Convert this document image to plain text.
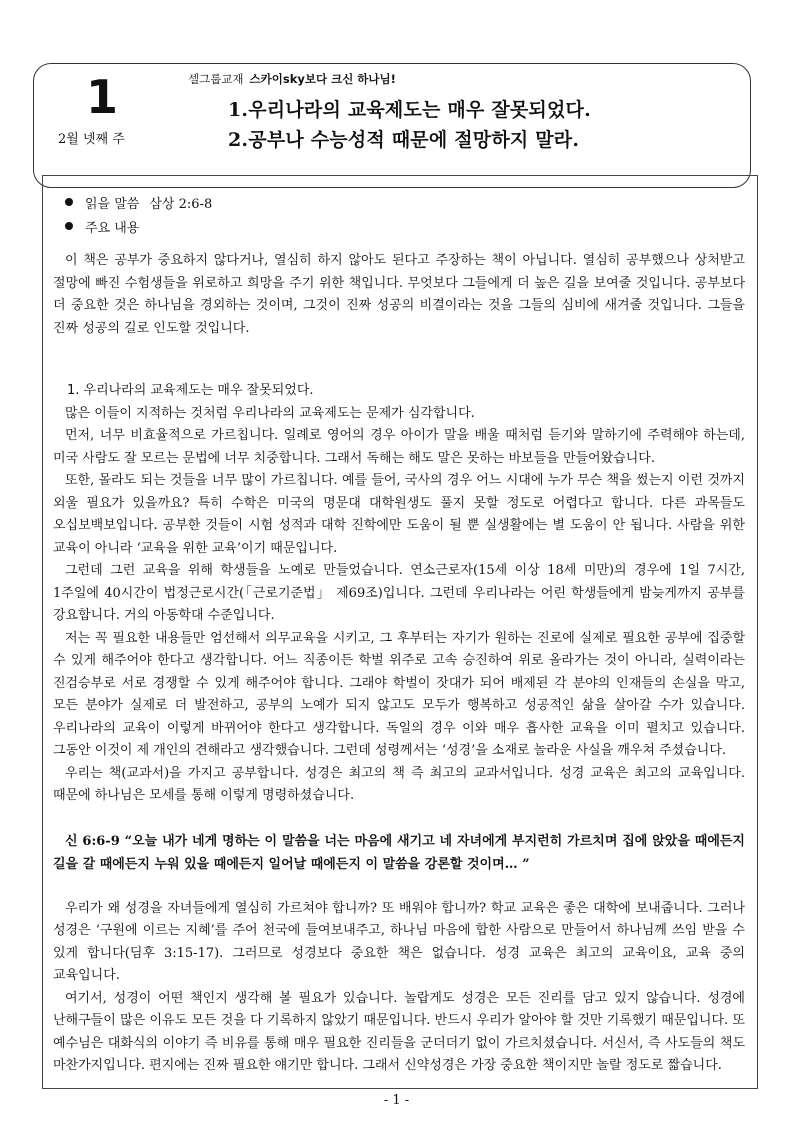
1
2월 넷째 주
셀그룹교재 스카이sky보다 크신 하나님!
1.우리나라의 교육제도는 매우 잘못되었다.
2.공부나 수능성적 때문에 절망하지 말라.
읽을 말씀 삼상 2:6-8
주요 내용

이 책은 공부가 중요하지 않다거나, 열심히 하지 않아도 된다고 주장하는 책이 아닙니다. 열심히 공부했으나 상처받고 절망에 빠진 수험생들을 위로하고 희망을 주기 위한 책입니다. 무엇보다 그들에게 더 높은 길을 보여줄 것입니다. 공부보다 더 중요한 것은 하나님을 경외하는 것이며, 그것이 진짜 성공의 비결이라는 것을 그들의 심비에 새겨줄 것입니다. 그들을 진짜 성공의 길로 인도할 것입니다.

1. 우리나라의 교육제도는 매우 잘못되었다.

많은 이들이 지적하는 것처럼 우리나라의 교육제도는 문제가 심각합니다.

먼저, 너무 비효율적으로 가르칩니다. 일례로 영어의 경우 아이가 말을 배울 때처럼 듣기와 말하기에 주력해야 하는데, 미국 사람도 잘 모르는 문법에 너무 치중합니다. 그래서 독해는 해도 말은 못하는 바보들을 만들어왔습니다.

또한, 몰라도 되는 것들을 너무 많이 가르칩니다. 예를 들어, 국사의 경우 어느 시대에 누가 무슨 책을 썼는지 이런 것까지 외울 필요가 있을까요? 특히 수학은 미국의 명문대 대학원생도 풀지 못할 정도로 어렵다고 합니다. 다른 과목들도 오십보백보입니다. 공부한 것들이 시험 성적과 대학 진학에만 도움이 될 뿐 실생활에는 별 도움이 안 됩니다. 사람을 위한 교육이 아니라 ‘교육을 위한 교육’이기 때문입니다.

그런데 그런 교육을 위해 학생들을 노예로 만들었습니다. 연소근로자(15세 이상 18세 미만)의 경우에 1일 7시간, 1주일에 40시간이 법정근로시간(「근로기준법」 제69조)입니다. 그런데 우리나라는 어린 학생들에게 밤늦게까지 공부를 강요합니다. 거의 아동학대 수준입니다.

저는 꼭 필요한 내용들만 엄선해서 의무교육을 시키고, 그 후부터는 자기가 원하는 진로에 실제로 필요한 공부에 집중할 수 있게 해주어야 한다고 생각합니다. 어느 직종이든 학벌 위주로 고속 승진하여 위로 올라가는 것이 아니라, 실력이라는 진검승부로 서로 경쟁할 수 있게 해주어야 합니다. 그래야 학벌이 잣대가 되어 배제된 각 분야의 인재들의 손실을 막고, 모든 분야가 실제로 더 발전하고, 공부의 노예가 되지 않고도 모두가 행복하고 성공적인 삶을 살아갈 수가 있습니다. 우리나라의 교육이 이렇게 바뀌어야 한다고 생각합니다. 독일의 경우 이와 매우 흡사한 교육을 이미 펼치고 있습니다. 그동안 이것이 제 개인의 견해라고 생각했습니다. 그런데 성령께서는 ‘성경’을 소재로 놀라운 사실을 깨우쳐 주셨습니다.

우리는 책(교과서)을 가지고 공부합니다. 성경은 최고의 책 즉 최고의 교과서입니다. 성경 교육은 최고의 교육입니다. 때문에 하나님은 모세를 통해 이렇게 명령하셨습니다.

신 6:6-9 “오늘 내가 네게 명하는 이 말씀을 너는 마음에 새기고 네 자녀에게 부지런히 가르치며 집에 앉았을 때에든지 길을 갈 때에든지 누워 있을 때에든지 일어날 때에든지 이 말씀을 강론할 것이며… ”

우리가 왜 성경을 자녀들에게 열심히 가르쳐야 합니까? 또 배워야 합니까? 학교 교육은 좋은 대학에 보내줍니다. 그러나 성경은 ‘구원에 이르는 지혜’를 주어 천국에 들여보내주고, 하나님 마음에 합한 사람으로 만들어서 하나님께 쓰임 받을 수 있게 합니다(딤후 3:15-17). 그러므로 성경보다 중요한 책은 없습니다. 성경 교육은 최고의 교육이요, 교육 중의 교육입니다.

여기서, 성경이 어떤 책인지 생각해 볼 필요가 있습니다. 놀랍게도 성경은 모든 진리를 담고 있지 않습니다. 성경에 난해구들이 많은 이유도 모든 것을 다 기록하지 않았기 때문입니다. 반드시 우리가 알아야 할 것만 기록했기 때문입니다. 또 예수님은 대화식의 이야기 즉 비유를 통해 매우 필요한 진리들을 군더더기 없이 가르치셨습니다. 서신서, 즉 사도들의 책도 마찬가지입니다. 편지에는 진짜 필요한 얘기만 합니다. 그래서 신약성경은 가장 중요한 책이지만 놀랄 정도로 짧습니다.

- 1 -
